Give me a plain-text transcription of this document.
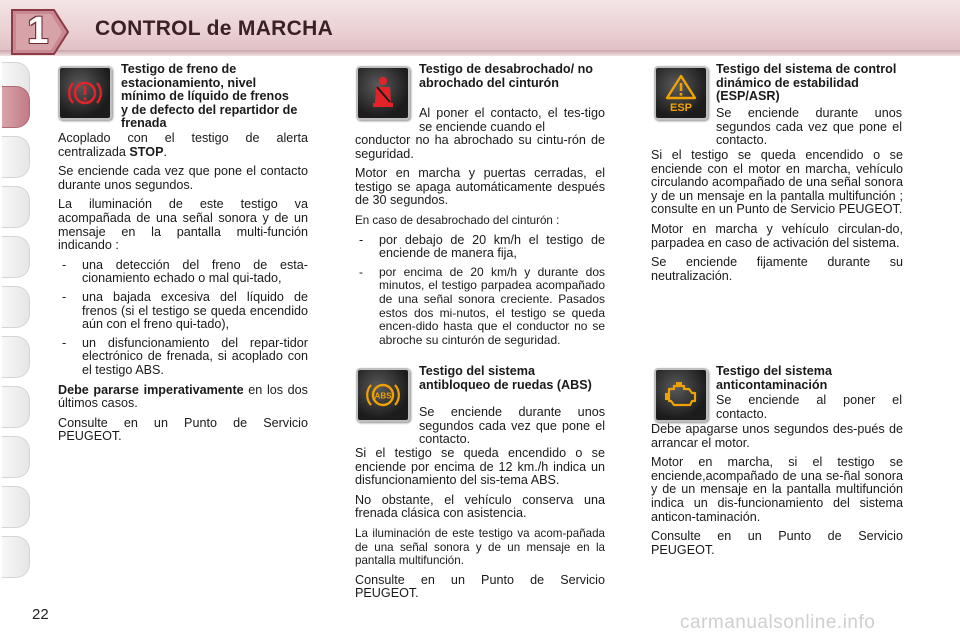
1	CONTROL de MARCHA
Testigo de freno de estacionamiento, nivel mínimo de líquido de frenos y de defecto del repartidor de frenada

Acoplado con el testigo de alerta centralizada STOP.

Se enciende cada vez que pone el contacto durante unos segundos.

La iluminación de este testigo va acompañada de una señal sonora y de un mensaje en la pantalla multi-función indicando :

- una detección del freno de esta-cionamiento echado o mal qui-tado,
- una bajada excesiva del líquido de frenos (si el testigo se queda encendido aún con el freno qui-tado),
- un disfuncionamiento del repar-tidor electrónico de frenada, si acoplado con el testigo ABS.

Debe pararse imperativamente en los dos últimos casos.

Consulte en un Punto de Servicio PEUGEOT.

Testigo de desabrochado/ no abrochado del cinturón
Al poner el contacto, el tes-tigo se enciende cuando el

conductor no ha abrochado su cintu-rón de seguridad.

Motor en marcha y puertas cerradas, el testigo se apaga automáticamente después de 30 segundos.

En caso de desabrochado del cinturón :

- por debajo de 20 km/h el testigo de enciende de manera fija,
- por encima de 20 km/h y durante dos minutos, el testigo parpadea acompañado de una señal sonora creciente. Pasados estos dos mi-nutos, el testigo se queda encen-dido hasta que el conductor no se abroche su cinturón de seguridad.
ABS
Testigo del sistema antibloqueo de ruedas (ABS)
Se enciende durante unos segundos cada vez que pone el contacto.

Si el testigo se queda encendido o se enciende por encima de 12 km./h indica un disfuncionamiento del sis-tema ABS.

No obstante, el vehículo conserva una frenada clásica con asistencia.

La iluminación de este testigo va acom-pañada de una señal sonora y de un mensaje en la pantalla multifunción.

Consulte en un Punto de Servicio PEUGEOT.

ESP
Testigo del sistema de control dinámico de estabilidad (ESP/ASR)
Se enciende durante unos segundos cada vez que pone el contacto.

Si el testigo se queda encendido o se enciende con el motor en marcha, vehículo circulando acompañado de una señal sonora y de un mensaje en la pantalla multifunción ; consulte en un Punto de Servicio PEUGEOT.

Motor en marcha y vehículo circulan-do, parpadea en caso de activación del sistema.

Se enciende fijamente durante su neutralización.

Testigo del sistema anticontaminación
Se enciende al poner el contacto.

Debe apagarse unos segundos des-pués de arrancar el motor.

Motor en marcha, si el testigo se enciende,acompañado de una se-ñal sonora y de un mensaje en la pantalla multifunción indica un dis-funcionamiento del sistema anticon-taminación.

Consulte en un Punto de Servicio PEUGEOT.

22	carmanualsonline.info
